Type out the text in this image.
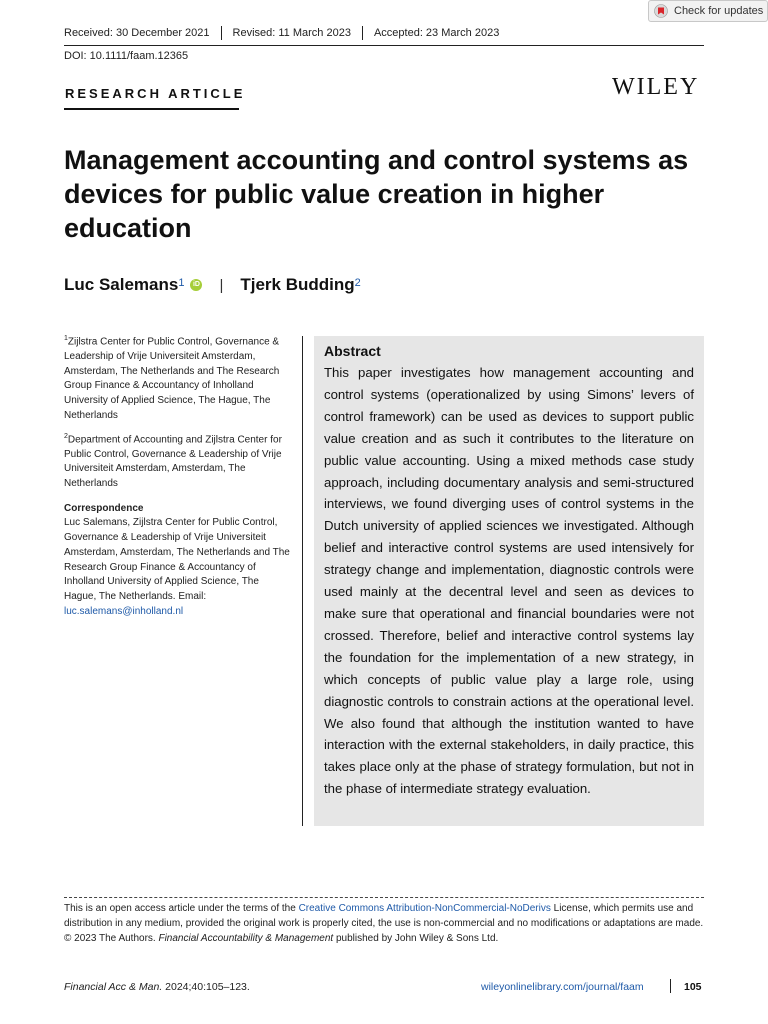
Check for updates
Received: 30 December 2021	Revised: 11 March 2023	Accepted: 23 March 2023
DOI: 10.1111/faam.12365
WILEY
RESEARCH ARTICLE
Management accounting and control systems as devices for public value creation in higher education
Luc Salemans$^1$	iD | Tjerk Budding$^2$

$^1$Zijlstra Center for Public Control, Governance & Leadership of Vrije Universiteit Amsterdam, Amsterdam, The Netherlands and The Research Group Finance & Accountancy of Inholland University of Applied Science, The Hague, The Netherlands

$^2$Department of Accounting and Zijlstra Center for Public Control, Governance & Leadership of Vrije Universiteit Amsterdam, Amsterdam, The Netherlands

Correspondence
Luc Salemans, Zijlstra Center for Public Control, Governance & Leadership of Vrije Universiteit Amsterdam, Amsterdam, The Netherlands and The Research Group Finance & Accountancy of Inholland University of Applied Science, The Hague, The Netherlands. Email: luc.salemans@inholland.nl
Abstract

This paper investigates how management accounting and control systems (operationalized by using Simons’ levers of control framework) can be used as devices to support public value creation and as such it contributes to the literature on public value accounting. Using a mixed methods case study approach, including documentary analysis and semi-structured interviews, we found diverging uses of control systems in the Dutch university of applied sciences we investigated. Although belief and interactive control systems are used intensively for strategy change and implementation, diagnostic controls were used mainly at the decentral level and seen as devices to make sure that operational and financial boundaries were not crossed. Therefore, belief and interactive control systems lay the foundation for the implementation of a new strategy, in which concepts of public value play a large role, using diagnostic controls to constrain actions at the operational level. We also found that although the institution wanted to have interaction with the external stakeholders, in daily practice, this takes place only at the phase of strategy formulation, but not in the phase of intermediate strategy evaluation.

This is an open access article under the terms of the Creative Commons Attribution-NonCommercial-NoDerivs License, which permits use and distribution in any medium, provided the original work is properly cited, the use is non-commercial and no modifications or adaptations are made.
© 2023 The Authors. Financial Accountability & Management published by John Wiley & Sons Ltd.
Financial Acc & Man. 2024;40:105–123.	wileyonlinelibrary.com/journal/faam	105
